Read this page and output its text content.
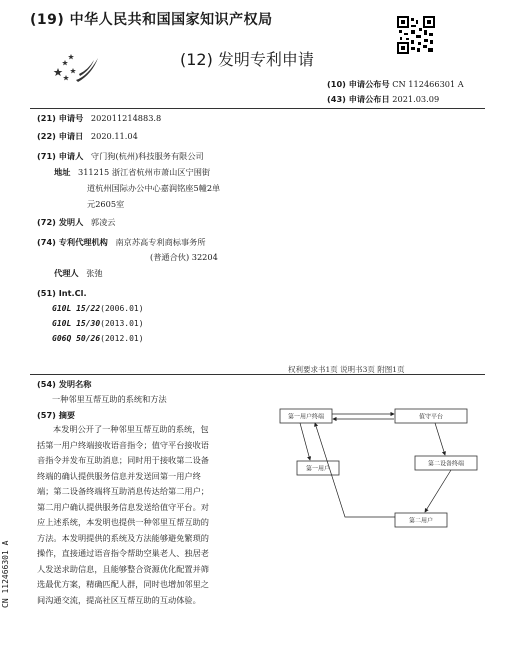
(19) 中华人民共和国国家知识产权局
(12) 发明专利申请
(10) 申请公布号 CN 112466301 A
(43) 申请公布日 2021.03.09
(21) 申请号 202011214883.8
(22) 申请日 2020.11.04
(71) 申请人 守门狗(杭州)科技服务有限公司
地址 311215 浙江省杭州市萧山区宁围街
道杭州国际办公中心嘉润铭座5幢2单
元2605室
(72) 发明人 郭凌云
(74) 专利代理机构 南京苏高专利商标事务所
(普通合伙) 32204
代理人 张弛
(51) Int.Cl.
G10L 15/22(2006.01)
G10L 15/30(2013.01)
G06Q 50/26(2012.01)
权利要求书1页 说明书3页 附图1页
(54) 发明名称
一种邻里互帮互助的系统和方法
(57) 摘要
本发明公开了一种邻里互帮互助的系统，包
括第一用户终端接收语音指令；值守平台接收语
音指令并发布互助消息；同时用于接收第二设备
终端的确认提供服务信息并发送回第一用户终
端；第二设备终端将互助消息传达给第二用户；
第二用户确认提供服务信息发送给值守平台。对
应上述系统，本发明也提供一种邻里互帮互助的
方法。本发明提供的系统及方法能够避免繁琐的
操作，直接通过语音指令帮助空巢老人、独居老
人发送求助信息，且能够整合资源优化配置并筛
选最优方案，精确匹配人群，同时也增加邻里之
间沟通交流，提高社区互帮互助的互动体验。
第一用户终端	值守平台
第一用户
第二设备终端
第二用户
CN 112466301 A
